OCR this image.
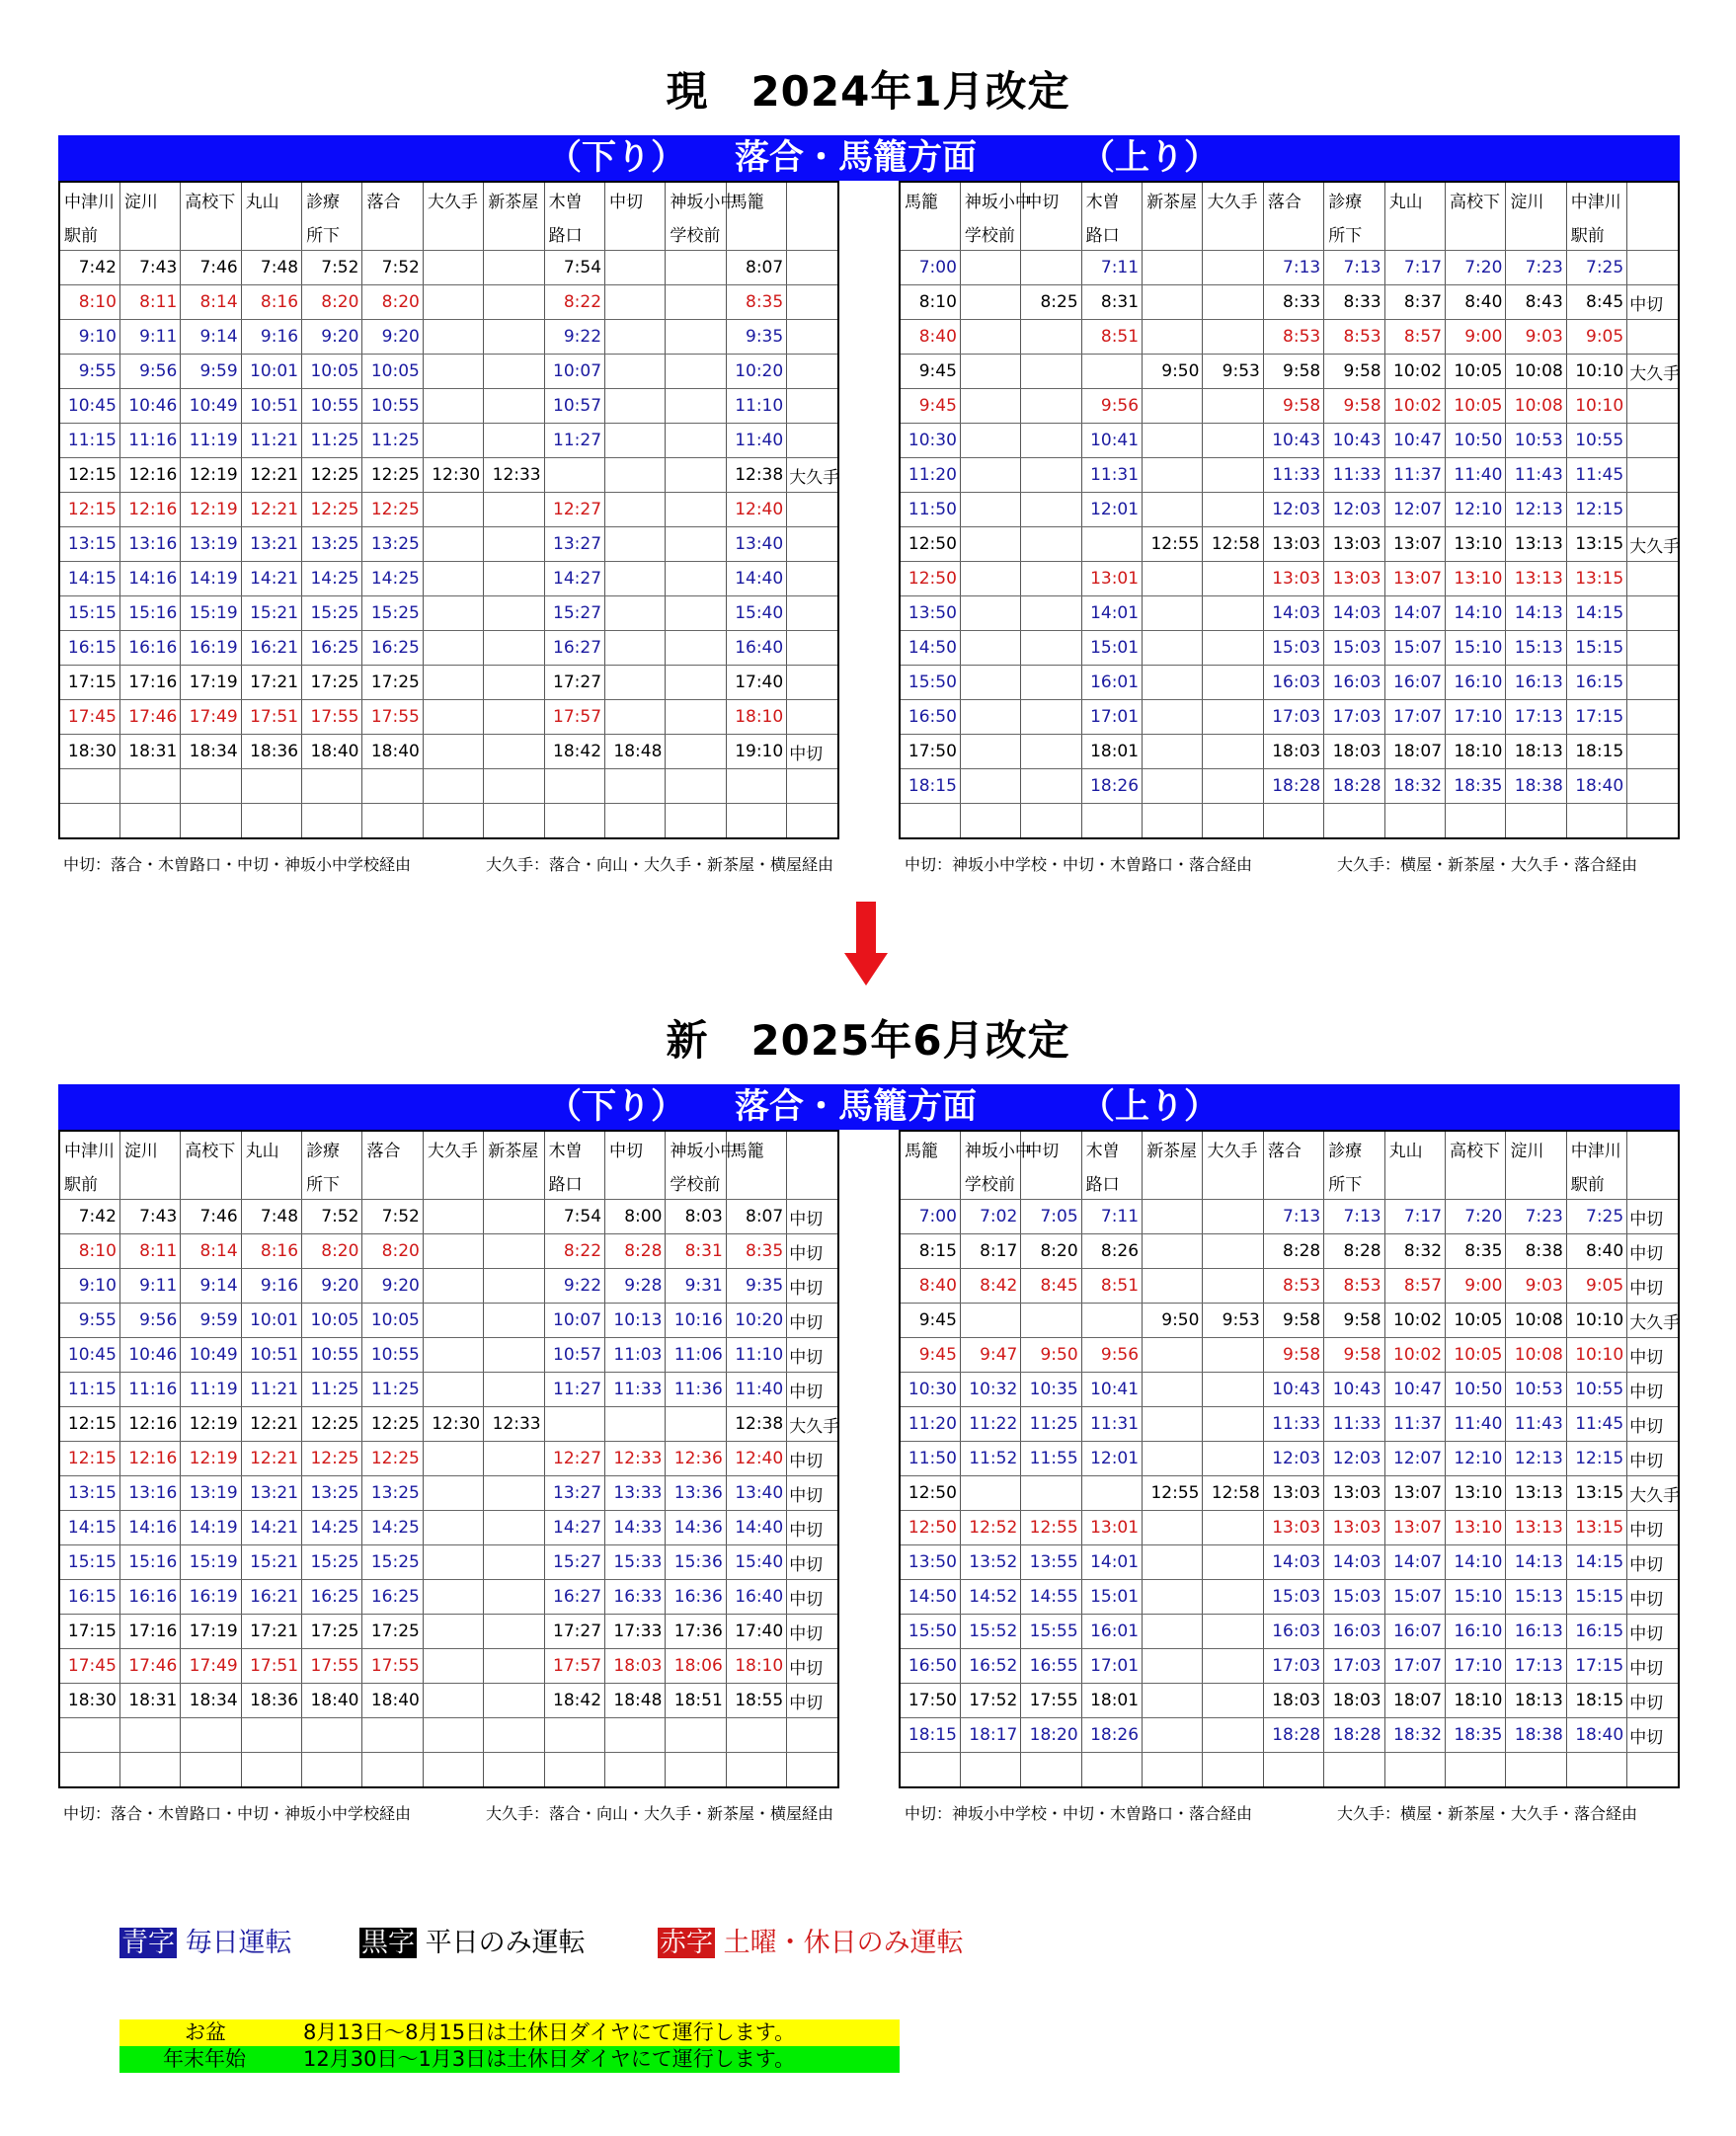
現　2024年1月改定
（下り） 落合・馬籠方面	（上り）
中津川	淀川	高校下	丸山	診療	落合	大久手	新茶屋	木曽	中切	神坂小中	馬籠	
駅前				所下				路口		学校前		
7:42	7:43	7:46	7:48	7:52	7:52			7:54			8:07	
8:10	8:11	8:14	8:16	8:20	8:20			8:22			8:35	
9:10	9:11	9:14	9:16	9:20	9:20			9:22			9:35	
9:55	9:56	9:59	10:01	10:05	10:05			10:07			10:20	
10:45	10:46	10:49	10:51	10:55	10:55			10:57			11:10	
11:15	11:16	11:19	11:21	11:25	11:25			11:27			11:40	
12:15	12:16	12:19	12:21	12:25	12:25	12:30	12:33				12:38	大久手
12:15	12:16	12:19	12:21	12:25	12:25			12:27			12:40	
13:15	13:16	13:19	13:21	13:25	13:25			13:27			13:40	
14:15	14:16	14:19	14:21	14:25	14:25			14:27			14:40	
15:15	15:16	15:19	15:21	15:25	15:25			15:27			15:40	
16:15	16:16	16:19	16:21	16:25	16:25			16:27			16:40	
17:15	17:16	17:19	17:21	17:25	17:25			17:27			17:40	
17:45	17:46	17:49	17:51	17:55	17:55			17:57			18:10	
18:30	18:31	18:34	18:36	18:40	18:40			18:42	18:48		19:10	中切

馬籠	神坂小中	中切	木曽	新茶屋	大久手	落合	診療	丸山	高校下	淀川	中津川	
	学校前		路口				所下				駅前	
7:00			7:11			7:13	7:13	7:17	7:20	7:23	7:25	
8:10		8:25	8:31			8:33	8:33	8:37	8:40	8:43	8:45	中切
8:40			8:51			8:53	8:53	8:57	9:00	9:03	9:05	
9:45				9:50	9:53	9:58	9:58	10:02	10:05	10:08	10:10	大久手
9:45			9:56			9:58	9:58	10:02	10:05	10:08	10:10	
10:30			10:41			10:43	10:43	10:47	10:50	10:53	10:55	
11:20			11:31			11:33	11:33	11:37	11:40	11:43	11:45	
11:50			12:01			12:03	12:03	12:07	12:10	12:13	12:15	
12:50				12:55	12:58	13:03	13:03	13:07	13:10	13:13	13:15	大久手
12:50			13:01			13:03	13:03	13:07	13:10	13:13	13:15	
13:50			14:01			14:03	14:03	14:07	14:10	14:13	14:15	
14:50			15:01			15:03	15:03	15:07	15:10	15:13	15:15	
15:50			16:01			16:03	16:03	16:07	16:10	16:13	16:15	
16:50			17:01			17:03	17:03	17:07	17:10	17:13	17:15	
17:50			18:01			18:03	18:03	18:07	18:10	18:13	18:15	
18:15			18:26			18:28	18:28	18:32	18:35	18:38	18:40	

中切：落合・木曽路口・中切・神坂小中学校経由	大久手：落合・向山・大久手・新茶屋・横屋経由	中切：神坂小中学校・中切・木曽路口・落合経由	大久手：横屋・新茶屋・大久手・落合経由
新　2025年6月改定
（下り） 落合・馬籠方面	（上り）
中津川	淀川	高校下	丸山	診療	落合	大久手	新茶屋	木曽	中切	神坂小中	馬籠	
駅前				所下				路口		学校前		
7:42	7:43	7:46	7:48	7:52	7:52			7:54	8:00	8:03	8:07	中切
8:10	8:11	8:14	8:16	8:20	8:20			8:22	8:28	8:31	8:35	中切
9:10	9:11	9:14	9:16	9:20	9:20			9:22	9:28	9:31	9:35	中切
9:55	9:56	9:59	10:01	10:05	10:05			10:07	10:13	10:16	10:20	中切
10:45	10:46	10:49	10:51	10:55	10:55			10:57	11:03	11:06	11:10	中切
11:15	11:16	11:19	11:21	11:25	11:25			11:27	11:33	11:36	11:40	中切
12:15	12:16	12:19	12:21	12:25	12:25	12:30	12:33				12:38	大久手
12:15	12:16	12:19	12:21	12:25	12:25			12:27	12:33	12:36	12:40	中切
13:15	13:16	13:19	13:21	13:25	13:25			13:27	13:33	13:36	13:40	中切
14:15	14:16	14:19	14:21	14:25	14:25			14:27	14:33	14:36	14:40	中切
15:15	15:16	15:19	15:21	15:25	15:25			15:27	15:33	15:36	15:40	中切
16:15	16:16	16:19	16:21	16:25	16:25			16:27	16:33	16:36	16:40	中切
17:15	17:16	17:19	17:21	17:25	17:25			17:27	17:33	17:36	17:40	中切
17:45	17:46	17:49	17:51	17:55	17:55			17:57	18:03	18:06	18:10	中切
18:30	18:31	18:34	18:36	18:40	18:40			18:42	18:48	18:51	18:55	中切

馬籠	神坂小中	中切	木曽	新茶屋	大久手	落合	診療	丸山	高校下	淀川	中津川	
	学校前		路口				所下				駅前	
7:00	7:02	7:05	7:11			7:13	7:13	7:17	7:20	7:23	7:25	中切
8:15	8:17	8:20	8:26			8:28	8:28	8:32	8:35	8:38	8:40	中切
8:40	8:42	8:45	8:51			8:53	8:53	8:57	9:00	9:03	9:05	中切
9:45				9:50	9:53	9:58	9:58	10:02	10:05	10:08	10:10	大久手
9:45	9:47	9:50	9:56			9:58	9:58	10:02	10:05	10:08	10:10	中切
10:30	10:32	10:35	10:41			10:43	10:43	10:47	10:50	10:53	10:55	中切
11:20	11:22	11:25	11:31			11:33	11:33	11:37	11:40	11:43	11:45	中切
11:50	11:52	11:55	12:01			12:03	12:03	12:07	12:10	12:13	12:15	中切
12:50				12:55	12:58	13:03	13:03	13:07	13:10	13:13	13:15	大久手
12:50	12:52	12:55	13:01			13:03	13:03	13:07	13:10	13:13	13:15	中切
13:50	13:52	13:55	14:01			14:03	14:03	14:07	14:10	14:13	14:15	中切
14:50	14:52	14:55	15:01			15:03	15:03	15:07	15:10	15:13	15:15	中切
15:50	15:52	15:55	16:01			16:03	16:03	16:07	16:10	16:13	16:15	中切
16:50	16:52	16:55	17:01			17:03	17:03	17:07	17:10	17:13	17:15	中切
17:50	17:52	17:55	18:01			18:03	18:03	18:07	18:10	18:13	18:15	中切
18:15	18:17	18:20	18:26			18:28	18:28	18:32	18:35	18:38	18:40	中切

中切：落合・木曽路口・中切・神坂小中学校経由	大久手：落合・向山・大久手・新茶屋・横屋経由	中切：神坂小中学校・中切・木曽路口・落合経由	大久手：横屋・新茶屋・大久手・落合経由
青字 毎日運転	黒字 平日のみ運転	赤字 土曜・休日のみ運転
お盆	8月13日～8月15日は土休日ダイヤにて運行します。
年末年始	12月30日～1月3日は土休日ダイヤにて運行します。
